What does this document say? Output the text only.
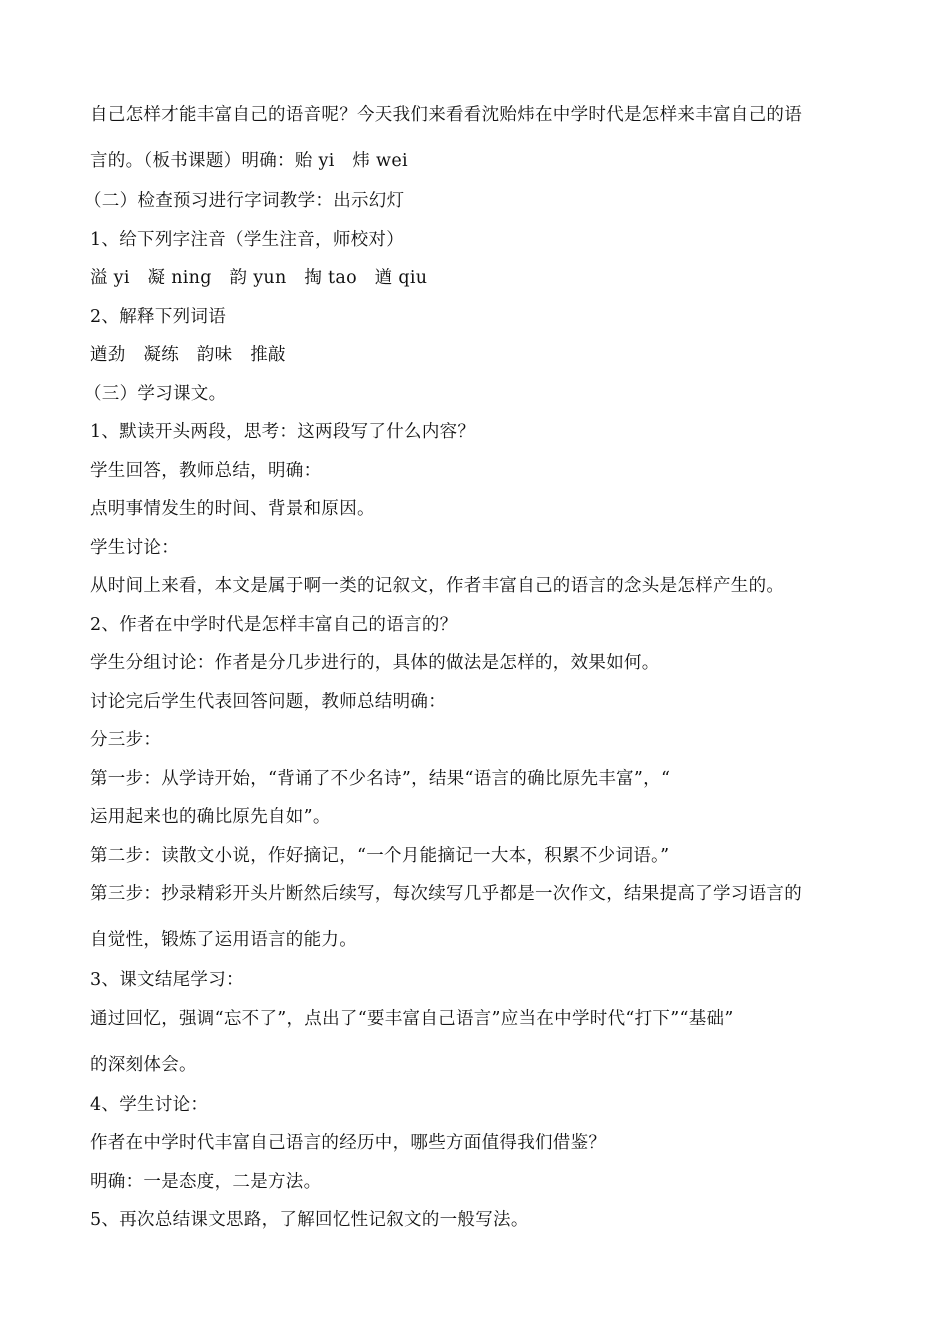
自己怎样才能丰富自己的语音呢？今天我们来看看沈贻炜在中学时代是怎样来丰富自己的语
言的。（板书课题）明确：贻 yi　炜 wei
（二）检查预习进行字词教学：出示幻灯
1、给下列字注音（学生注音，师校对）
溢 yi　凝 ning　韵 yun　掏 tao　遒 qiu
2、解释下列词语
遒劲　凝练　韵味　推敲
（三）学习课文。
1、默读开头两段，思考：这两段写了什么内容？
学生回答，教师总结，明确：
点明事情发生的时间、背景和原因。
学生讨论：
从时间上来看，本文是属于啊一类的记叙文，作者丰富自己的语言的念头是怎样产生的。
2、作者在中学时代是怎样丰富自己的语言的？
学生分组讨论：作者是分几步进行的，具体的做法是怎样的，效果如何。
讨论完后学生代表回答问题，教师总结明确：
分三步：
第一步：从学诗开始，“背诵了不少名诗”，结果“语言的确比原先丰富”，“
运用起来也的确比原先自如”。
第二步：读散文小说，作好摘记，“一个月能摘记一大本，积累不少词语。”
第三步：抄录精彩开头片断然后续写，每次续写几乎都是一次作文，结果提高了学习语言的
自觉性，锻炼了运用语言的能力。
3、课文结尾学习：
通过回忆，强调“忘不了”，点出了“要丰富自己语言”应当在中学时代“打下”“基础”
的深刻体会。
4、学生讨论：
作者在中学时代丰富自己语言的经历中，哪些方面值得我们借鉴？
明确：一是态度，二是方法。
5、再次总结课文思路，了解回忆性记叙文的一般写法。
